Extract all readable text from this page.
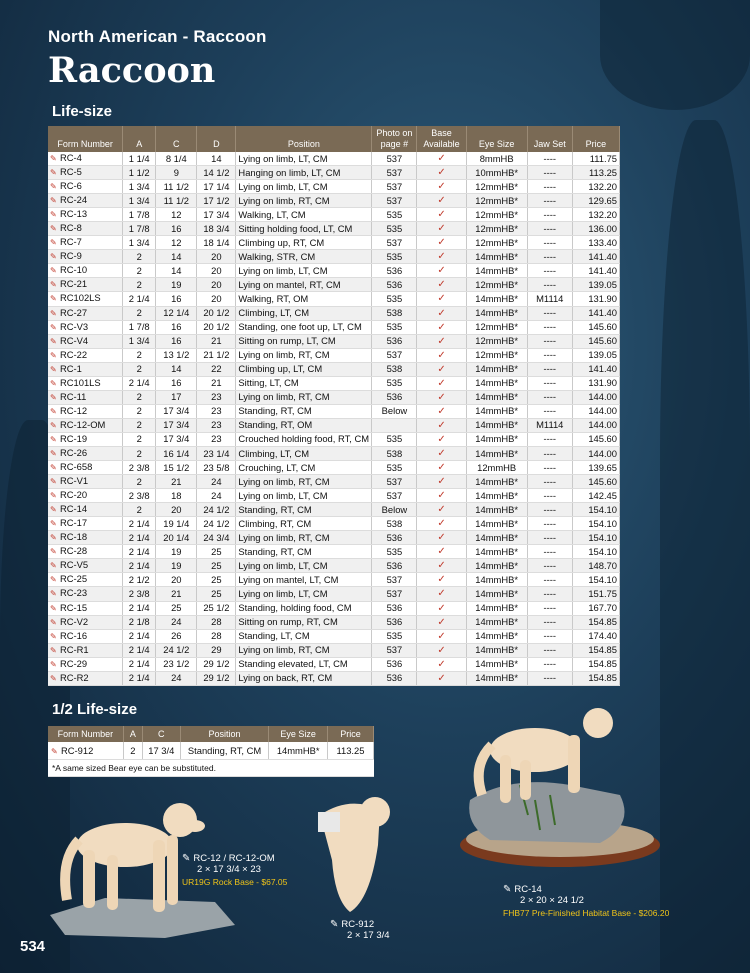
North American - Raccoon
Raccoon
Life-size
Form Number	A	C	D	Position	Photo on page #	Base Available	Eye Size	Jaw Set	Price
✎ RC-4	1 1/4	8 1/4	14	Lying on limb, LT, CM	537	✓	8mmHB	----	111.75
✎ RC-5	1 1/2	9	14 1/2	Hanging on limb, LT, CM	537	✓	10mmHB*	----	113.25
✎ RC-6	1 3/4	11 1/2	17 1/4	Lying on limb, LT, CM	537	✓	12mmHB*	----	132.20
✎ RC-24	1 3/4	11 1/2	17 1/2	Lying on limb, RT, CM	537	✓	12mmHB*	----	129.65
✎ RC-13	1 7/8	12	17 3/4	Walking, LT, CM	535	✓	12mmHB*	----	132.20
✎ RC-8	1 7/8	16	18 3/4	Sitting holding food, LT, CM	535	✓	12mmHB*	----	136.00
✎ RC-7	1 3/4	12	18 1/4	Climbing up, RT, CM	537	✓	12mmHB*	----	133.40
✎ RC-9	2	14	20	Walking, STR, CM	535	✓	14mmHB*	----	141.40
✎ RC-10	2	14	20	Lying on limb, LT, CM	536	✓	14mmHB*	----	141.40
✎ RC-21	2	19	20	Lying on mantel, RT, CM	536	✓	12mmHB*	----	139.05
✎ RC102LS	2 1/4	16	20	Walking, RT, OM	535	✓	14mmHB*	M1114	131.90
✎ RC-27	2	12 1/4	20 1/2	Climbing, LT, CM	538	✓	14mmHB*	----	141.40
✎ RC-V3	1 7/8	16	20 1/2	Standing, one foot up, LT, CM	535	✓	12mmHB*	----	145.60
✎ RC-V4	1 3/4	16	21	Sitting on rump, LT, CM	536	✓	12mmHB*	----	145.60
✎ RC-22	2	13 1/2	21 1/2	Lying on limb, RT, CM	537	✓	12mmHB*	----	139.05
✎ RC-1	2	14	22	Climbing up, LT, CM	538	✓	14mmHB*	----	141.40
✎ RC101LS	2 1/4	16	21	Sitting, LT, CM	535	✓	14mmHB*	----	131.90
✎ RC-11	2	17	23	Lying on limb, RT, CM	536	✓	14mmHB*	----	144.00
✎ RC-12	2	17 3/4	23	Standing, RT, CM	Below	✓	14mmHB*	----	144.00
✎ RC-12-OM	2	17 3/4	23	Standing, RT, OM		✓	14mmHB*	M1114	144.00
✎ RC-19	2	17 3/4	23	Crouched holding food, RT, CM	535	✓	14mmHB*	----	145.60
✎ RC-26	2	16 1/4	23 1/4	Climbing, LT, CM	538	✓	14mmHB*	----	144.00
✎ RC-658	2 3/8	15 1/2	23 5/8	Crouching, LT, CM	535	✓	12mmHB	----	139.65
✎ RC-V1	2	21	24	Lying on limb, RT, CM	537	✓	14mmHB*	----	145.60
✎ RC-20	2 3/8	18	24	Lying on limb, LT, CM	537	✓	14mmHB*	----	142.45
✎ RC-14	2	20	24 1/2	Standing, RT, CM	Below	✓	14mmHB*	----	154.10
✎ RC-17	2 1/4	19 1/4	24 1/2	Climbing, RT, CM	538	✓	14mmHB*	----	154.10
✎ RC-18	2 1/4	20 1/4	24 3/4	Lying on limb, RT, CM	536	✓	14mmHB*	----	154.10
✎ RC-28	2 1/4	19	25	Standing, RT, CM	535	✓	14mmHB*	----	154.10
✎ RC-V5	2 1/4	19	25	Lying on limb, LT, CM	536	✓	14mmHB*	----	148.70
✎ RC-25	2 1/2	20	25	Lying on mantel, LT, CM	537	✓	14mmHB*	----	154.10
✎ RC-23	2 3/8	21	25	Lying on limb, LT, CM	537	✓	14mmHB*	----	151.75
✎ RC-15	2 1/4	25	25 1/2	Standing, holding food, CM	536	✓	14mmHB*	----	167.70
✎ RC-V2	2 1/8	24	28	Sitting on rump, RT, CM	536	✓	14mmHB*	----	154.85
✎ RC-16	2 1/4	26	28	Standing, LT, CM	535	✓	14mmHB*	----	174.40
✎ RC-R1	2 1/4	24 1/2	29	Lying on limb, RT, CM	537	✓	14mmHB*	----	154.85
✎ RC-29	2 1/4	23 1/2	29 1/2	Standing elevated, LT, CM	536	✓	14mmHB*	----	154.85
✎ RC-R2	2 1/4	24	29 1/2	Lying on back, RT, CM	536	✓	14mmHB*	----	154.85
1/2 Life-size
Form Number	A	C	Position	Eye Size	Price
✎ RC-912	2	17 3/4	Standing, RT, CM	14mmHB*	113.25
*A same sized Bear eye can be substituted.					
✎ RC-12 / RC-12-OM
2 × 17 3/4 × 23
UR19G Rock Base - $67.05
✎ RC-912
2 × 17 3/4
✎ RC-14
2 × 20 × 24 1/2
FHB77 Pre-Finished Habitat Base - $206.20
534
